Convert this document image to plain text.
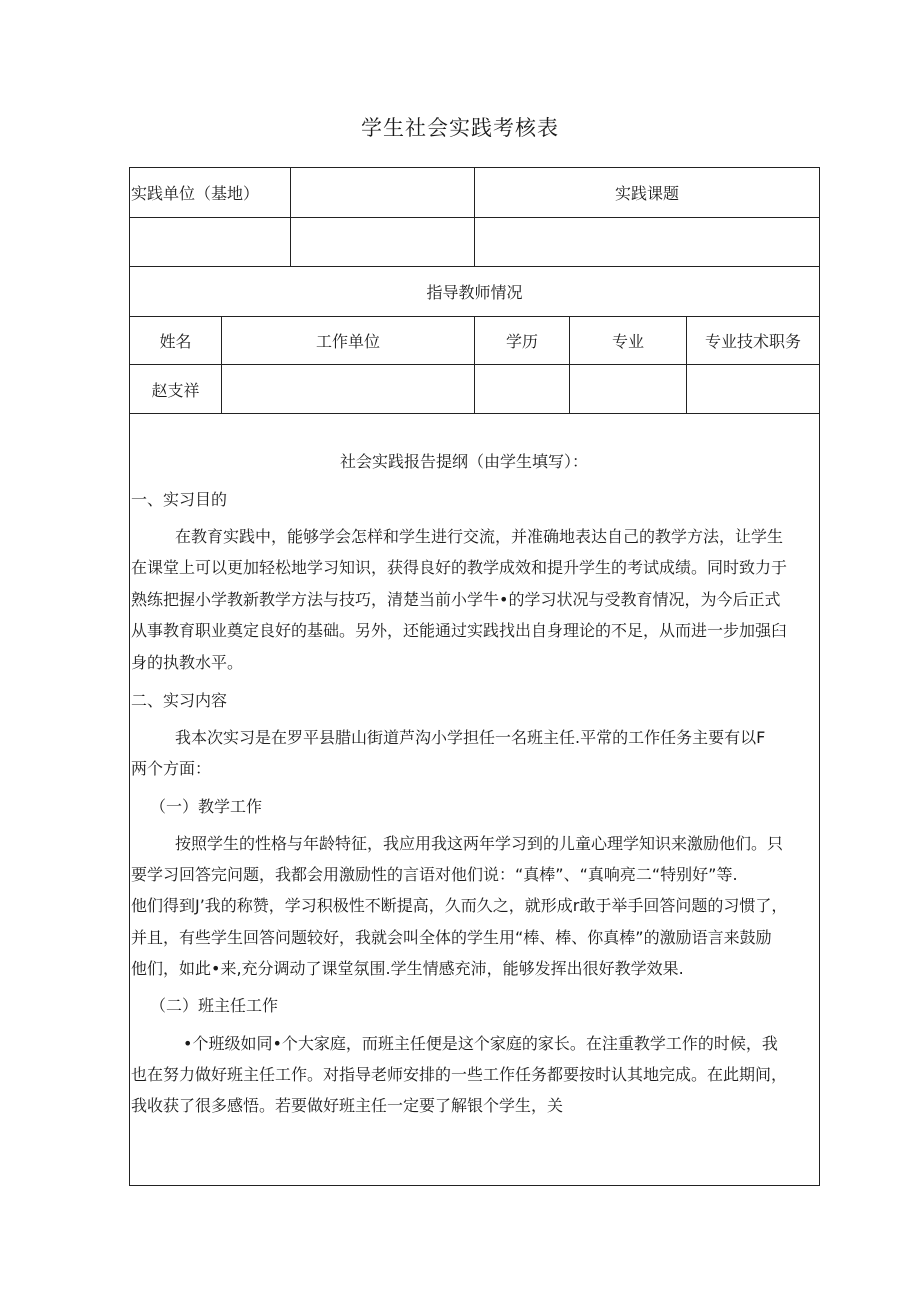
学生社会实践考核表
实践单位（基地）	实践课题
指导教师情况
姓名	工作单位	学历	专业	专业技术职务
赵支祥
社会实践报告提纲（由学生填写）：
一、实习目的
在教育实践中，能够学会怎样和学生进行交流，并准确地表达自己的教学方法，让学生
在课堂上可以更加轻松地学习知识，获得良好的教学成效和提升学生的考试成绩。同时致力于
熟练把握小学教新教学方法与技巧，清楚当前小学牛•的学习状况与受教育情况，为今后正式
从事教育职业奠定良好的基础。另外，还能通过实践找出自身理论的不足，从而进一步加强臼
身的执教水平。
二、实习内容
我本次实习是在罗平县腊山街道芦沟小学担任一名班主任.平常的工作任务主要有以F
两个方面：
（一）教学工作
按照学生的性格与年龄特征，我应用我这两年学习到的儿童心理学知识来激励他们。只
要学习回答完问题，我都会用激励性的言语对他们说：“真棒”、“真响亮二“特别好”等.
他们得到J’我的称赞，学习积极性不断提高，久而久之，就形成r敢于举手回答问题的习惯了，
并且，有些学生回答问题较好，我就会叫全体的学生用“棒、棒、你真棒”的激励语言来鼓励
他们，如此•来,充分调动了课堂氛围.学生情感充沛，能够发挥出很好教学效果.
（二）班主任工作
•个班级如同•个大家庭，而班主任便是这个家庭的家长。在注重教学工作的时候，我
也在努力做好班主任工作。对指导老师安排的一些工作任务都要按时认其地完成。在此期间，
我收获了很多感悟。若要做好班主任一定要了解银个学生，关
